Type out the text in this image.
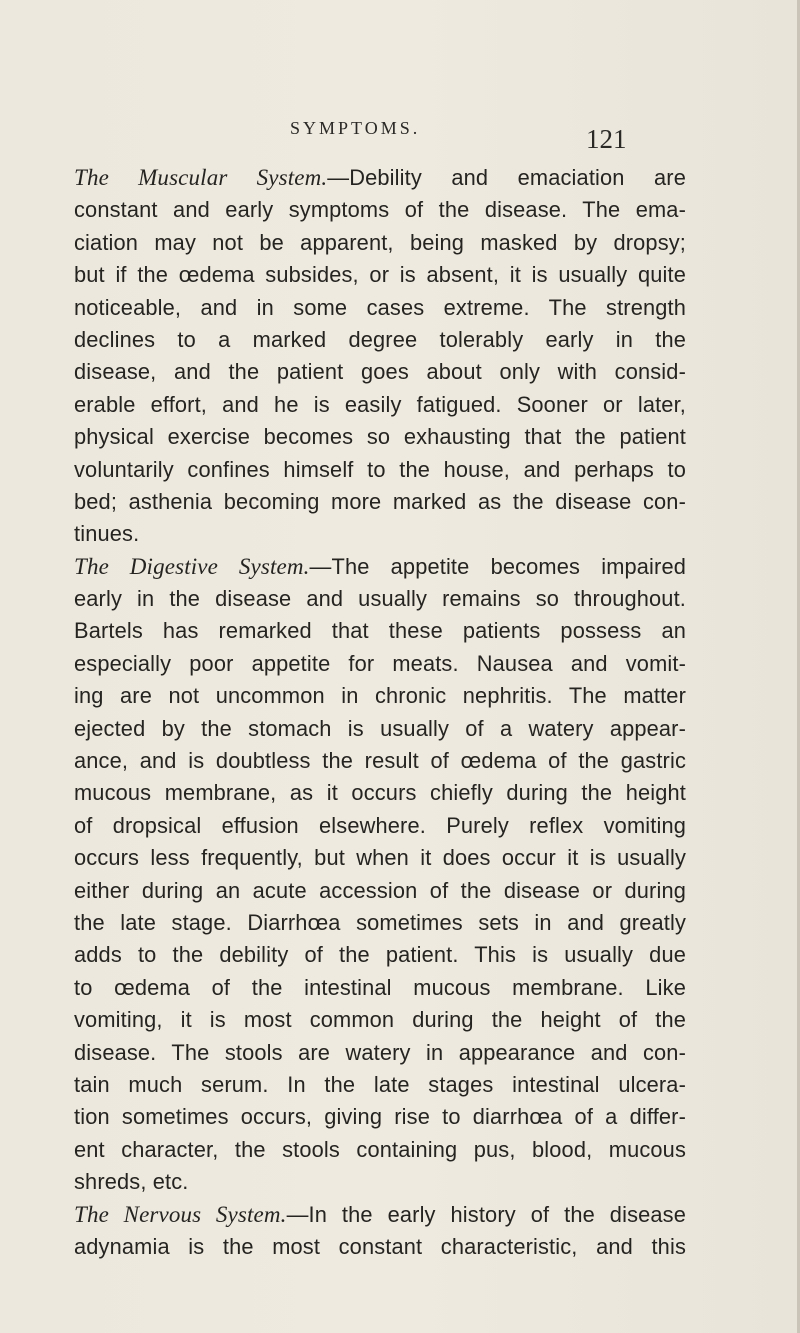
SYMPTOMS.	121
The Muscular System.—Debility and emaciation are
constant and early symptoms of the disease. The ema-
ciation may not be apparent, being masked by dropsy;
but if the œdema subsides, or is absent, it is usually quite
noticeable, and in some cases extreme. The strength
declines to a marked degree tolerably early in the
disease, and the patient goes about only with consid-
erable effort, and he is easily fatigued. Sooner or later,
physical exercise becomes so exhausting that the patient
voluntarily confines himself to the house, and perhaps to
bed; asthenia becoming more marked as the disease con-
tinues.
The Digestive System.—The appetite becomes impaired
early in the disease and usually remains so throughout.
Bartels has remarked that these patients possess an
especially poor appetite for meats. Nausea and vomit-
ing are not uncommon in chronic nephritis. The matter
ejected by the stomach is usually of a watery appear-
ance, and is doubtless the result of œdema of the gastric
mucous membrane, as it occurs chiefly during the height
of dropsical effusion elsewhere. Purely reflex vomiting
occurs less frequently, but when it does occur it is usually
either during an acute accession of the disease or during
the late stage. Diarrhœa sometimes sets in and greatly
adds to the debility of the patient. This is usually due
to œdema of the intestinal mucous membrane. Like
vomiting, it is most common during the height of the
disease. The stools are watery in appearance and con-
tain much serum. In the late stages intestinal ulcera-
tion sometimes occurs, giving rise to diarrhœa of a differ-
ent character, the stools containing pus, blood, mucous
shreds, etc.
The Nervous System.—In the early history of the disease
adynamia is the most constant characteristic, and this
